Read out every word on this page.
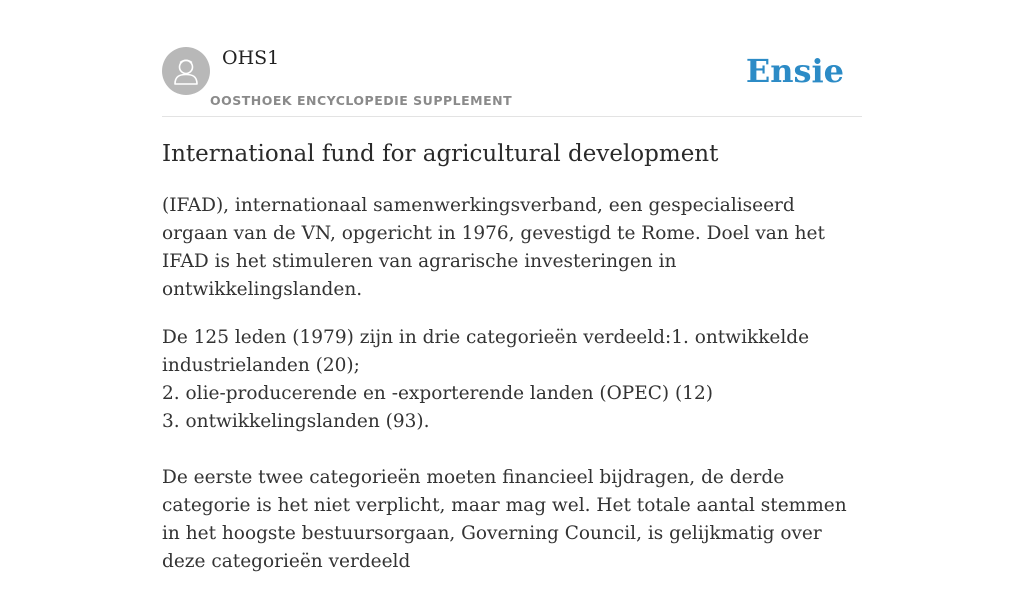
OHS1
OOSTHOEK ENCYCLOPEDIE SUPPLEMENT
Ensie
International fund for agricultural development

(IFAD), internationaal samenwerkingsverband, een gespecialiseerd orgaan van de VN, opgericht in 1976, gevestigd te Rome. Doel van het IFAD is het stimuleren van agrarische investeringen in ontwikkelingslanden.

De 125 leden (1979) zijn in drie categorieën verdeeld:1. ontwikkelde industrielanden (20);
2. olie-producerende en -exporterende landen (OPEC) (12)
3. ontwikkelingslanden (93).

De eerste twee categorieën moeten financieel bijdragen, de derde categorie is het niet verplicht, maar mag wel. Het totale aantal stemmen in het hoogste bestuursorgaan, Governing Council, is gelijkmatig over deze categorieën verdeeld
